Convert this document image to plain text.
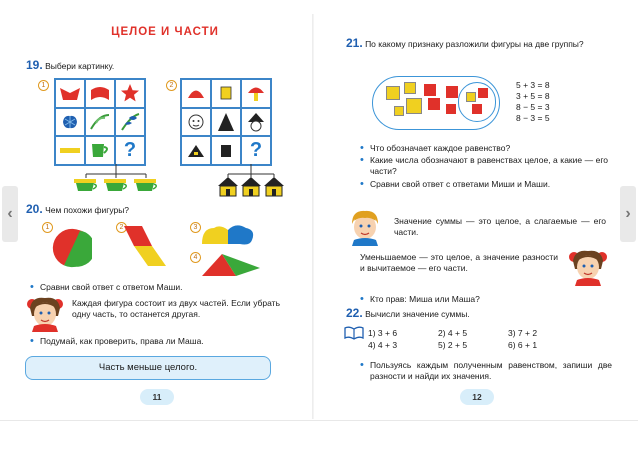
‹	›
ЦЕЛОЕ И ЧАСТИ
19. Выбери картинку.
1	2
?	?
20. Чем похожи фигуры?
1	2	3
4
• Сравни свой ответ с ответом Маши.
Каждая фигура состоит из двух частей. Если убрать одну часть, то останется другая.
• Подумай, как проверить, права ли Маша.
Часть меньше целого.
11
21. По какому признаку разложили фигуры на две группы?
5 + 3 = 8
3 + 5 = 8
8 − 5 = 3
8 − 3 = 5
• Что обозначает каждое равенство?
• Какие числа обозначают в равенствах целое, а какие — его части?
• Сравни свой ответ с ответами Миши и Маши.
Значение суммы — это целое, а слагаемые — его части.
Уменьшаемое — это целое, а значение разности и вычитаемое — его части.
• Кто прав: Миша или Маша?
22. Вычисли значение суммы.
1) 3 + 6	2) 4 + 5	3) 7 + 2
4) 4 + 3	5) 2 + 5	6) 6 + 1
• Пользуясь каждым полученным равенством, запиши две разности и найди их значения.
12
